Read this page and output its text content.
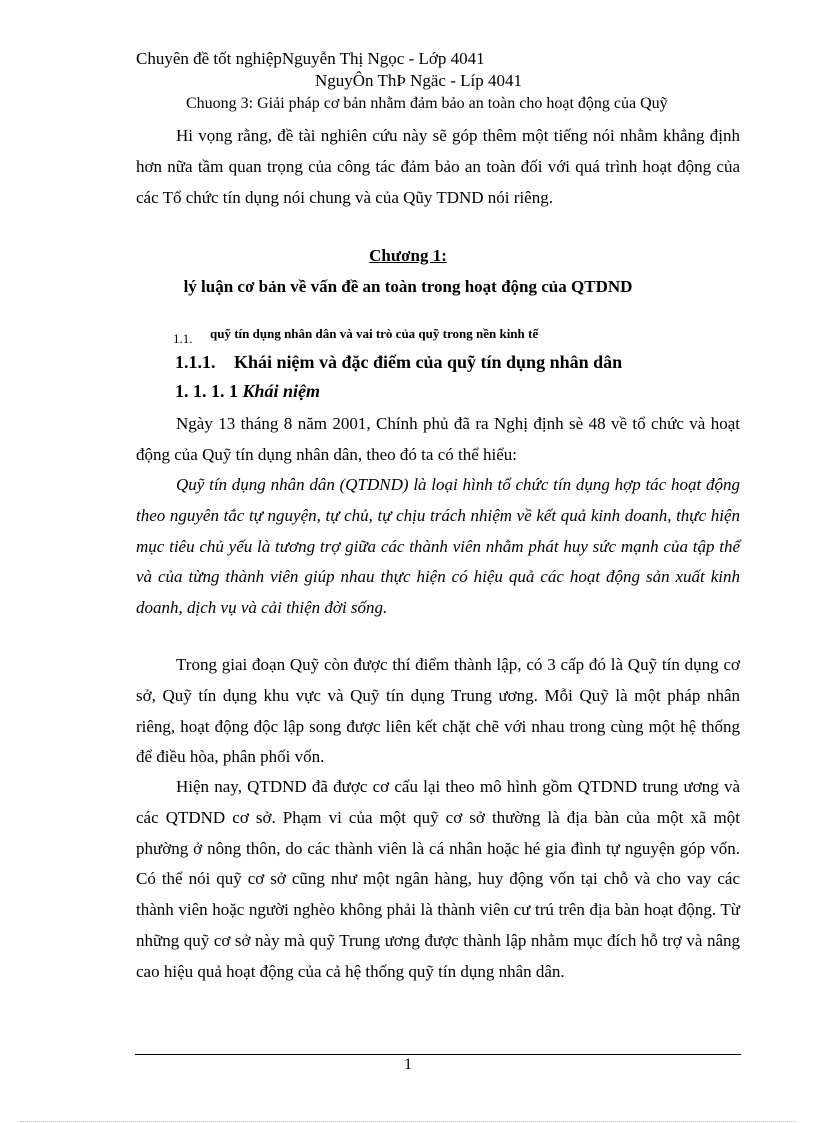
Chuyên đề tốt nghiệpNguyễn Thị Ngọc - Lớp 4041
NguyÔn ThÞ Ngäc - Líp 4041
Chuong 3: Giải pháp cơ bản nhằm đảm bảo an toàn cho hoạt động của Quỹ
Hi vọng rằng, đề tài nghiên cứu này sẽ góp thêm một tiếng nói nhằm khẳng định hơn nữa tầm quan trọng của công tác đảm bảo an toàn đối với quá trình hoạt động của các Tổ chức tín dụng nói chung và của Qũy TDND nói riêng.
Chương 1:
lý luận cơ bản về vấn đề an toàn trong hoạt động của QTDND
1.1. quỹ tín dụng nhân dân và vai trò của quỹ trong nền kinh tế
1.1.1. Khái niệm và đặc điểm của quỹ tín dụng nhân dân
1. 1. 1. 1 Khái niệm
Ngày 13 tháng 8 năm 2001, Chính phủ đã ra Nghị định sè 48 về tổ chức và hoạt động của Quỹ tín dụng nhân dân, theo đó ta có thể hiểu:
Quỹ tín dụng nhân dân (QTDND) là loại hình tổ chức tín dụng hợp tác hoạt động theo nguyên tắc tự nguyện, tự chủ, tự chịu trách nhiệm về kết quả kinh doanh, thực hiện mục tiêu chủ yếu là tương trợ giữa các thành viên nhằm phát huy sức mạnh của tập thể và của từng thành viên giúp nhau thực hiện có hiệu quả các hoạt động sản xuất kinh doanh, dịch vụ và cải thiện đời sống.
Trong giai đoạn Quỹ còn được thí điểm thành lập, có 3 cấp đó là Quỹ tín dụng cơ sở, Quỹ tín dụng khu vực và Quỹ tín dụng Trung ương. Mỗi Quỹ là một pháp nhân riêng, hoạt động độc lập song được liên kết chặt chẽ với nhau trong cùng một hệ thống để điều hòa, phân phối vốn.
Hiện nay, QTDND đã được cơ cấu lại theo mô hình gồm QTDND trung ương và các QTDND cơ sở. Phạm vi của một quỹ cơ sở thường là địa bàn của một xã một phường ở nông thôn, do các thành viên là cá nhân hoặc hé gia đình tự nguyện góp vốn. Có thể nói quỹ cơ sở cũng như một ngân hàng, huy động vốn tại chỗ và cho vay các thành viên hoặc người nghèo không phải là thành viên cư trú trên địa bàn hoạt động. Từ những quỹ cơ sở này mà quỹ Trung ương được thành lập nhằm mục đích hỗ trợ và nâng cao hiệu quả hoạt động của cả hệ thống quỹ tín dụng nhân dân.
1
